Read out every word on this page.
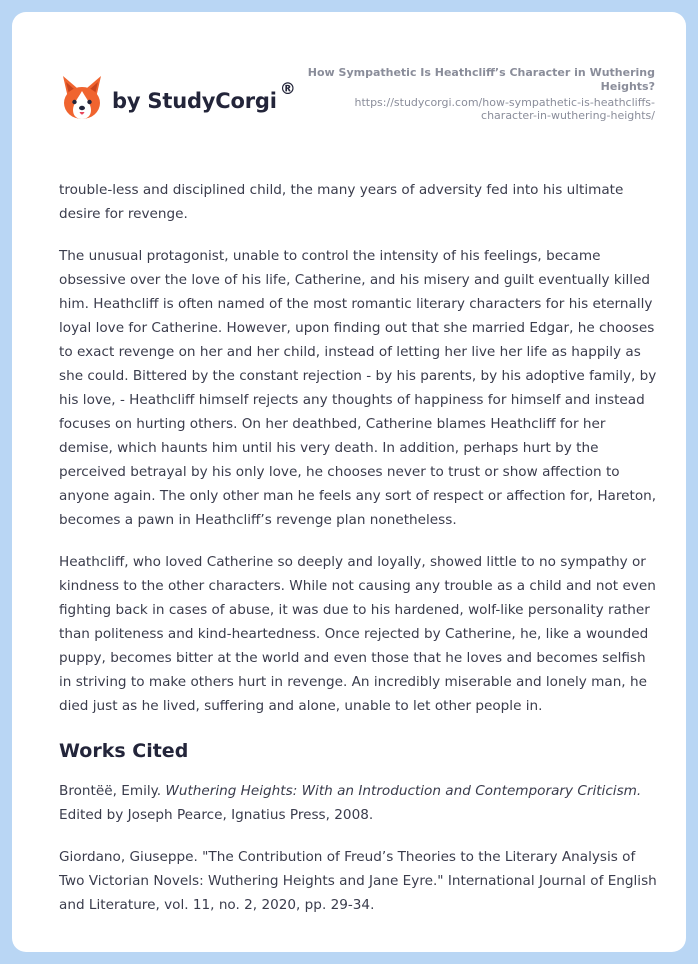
by StudyCorgi
®
How Sympathetic Is Heathcliff’s Character in Wuthering Heights?
https://studycorgi.com/how-sympathetic-is-heathcliffs-character-in-wuthering-heights/

trouble-less and disciplined child, the many years of adversity fed into his ultimate desire for revenge.

The unusual protagonist, unable to control the intensity of his feelings, became obsessive over the love of his life, Catherine, and his misery and guilt eventually killed him. Heathcliff is often named of the most romantic literary characters for his eternally loyal love for Catherine. However, upon finding out that she married Edgar, he chooses to exact revenge on her and her child, instead of letting her live her life as happily as she could. Bittered by the constant rejection - by his parents, by his adoptive family, by his love, - Heathcliff himself rejects any thoughts of happiness for himself and instead focuses on hurting others. On her deathbed, Catherine blames Heathcliff for her demise, which haunts him until his very death. In addition, perhaps hurt by the perceived betrayal by his only love, he chooses never to trust or show affection to anyone again. The only other man he feels any sort of respect or affection for, Hareton, becomes a pawn in Heathcliff’s revenge plan nonetheless.

Heathcliff, who loved Catherine so deeply and loyally, showed little to no sympathy or kindness to the other characters. While not causing any trouble as a child and not even fighting back in cases of abuse, it was due to his hardened, wolf-like personality rather than politeness and kind-heartedness. Once rejected by Catherine, he, like a wounded puppy, becomes bitter at the world and even those that he loves and becomes selfish in striving to make others hurt in revenge. An incredibly miserable and lonely man, he died just as he lived, suffering and alone, unable to let other people in.

Works Cited

Brontëë, Emily. Wuthering Heights: With an Introduction and Contemporary Criticism. Edited by Joseph Pearce, Ignatius Press, 2008.

Giordano, Giuseppe. "The Contribution of Freud’s Theories to the Literary Analysis of Two Victorian Novels: Wuthering Heights and Jane Eyre." International Journal of English and Literature, vol. 11, no. 2, 2020, pp. 29-34.
